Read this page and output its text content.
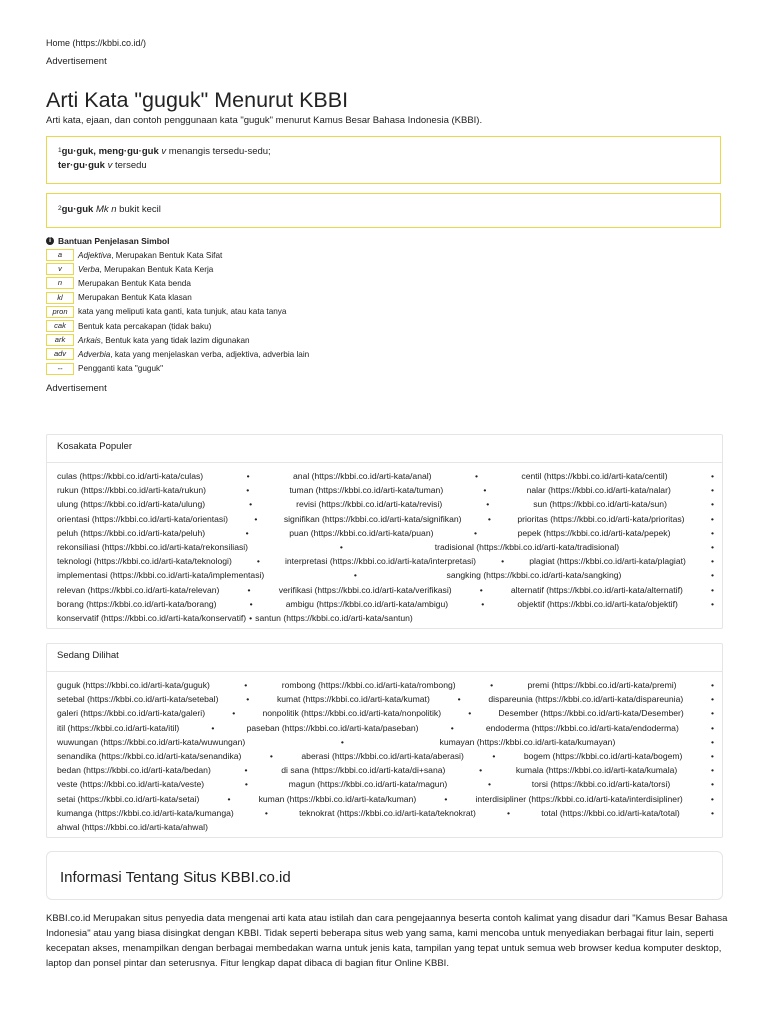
Home (https://kbbi.co.id/)
Advertisement
Arti Kata "guguk" Menurut KBBI
Arti kata, ejaan, dan contoh penggunaan kata "guguk" menurut Kamus Besar Bahasa Indonesia (KBBI).
$^1$gu·guk, meng·gu·guk v menangis tersedu-sedu;
ter·gu·guk v tersedu
$^2$gu·guk Mk n bukit kecil
i Bantuan Penjelasan Simbol
a	Adjektiva, Merupakan Bentuk Kata Sifat
v	Verba, Merupakan Bentuk Kata Kerja
n	Merupakan Bentuk Kata benda
kl	Merupakan Bentuk Kata klasan
pron	kata yang meliputi kata ganti, kata tunjuk, atau kata tanya
cak	Bentuk kata percakapan (tidak baku)
ark	Arkais, Bentuk kata yang tidak lazim digunakan
adv	Adverbia, kata yang menjelaskan verba, adjektiva, adverbia lain
--	Pengganti kata "guguk"
Advertisement
Kosakata Populer
culas (https://kbbi.co.id/arti-kata/culas)	•	anal (https://kbbi.co.id/arti-kata/anal)	•	centil (https://kbbi.co.id/arti-kata/centil)	•
rukun (https://kbbi.co.id/arti-kata/rukun)	•	tuman (https://kbbi.co.id/arti-kata/tuman)	•	nalar (https://kbbi.co.id/arti-kata/nalar)	•
ulung (https://kbbi.co.id/arti-kata/ulung)	•	revisi (https://kbbi.co.id/arti-kata/revisi)	•	sun (https://kbbi.co.id/arti-kata/sun)	•
orientasi (https://kbbi.co.id/arti-kata/orientasi)	•	signifikan (https://kbbi.co.id/arti-kata/signifikan)	•	prioritas (https://kbbi.co.id/arti-kata/prioritas)	•
peluh (https://kbbi.co.id/arti-kata/peluh)	•	puan (https://kbbi.co.id/arti-kata/puan)	•	pepek (https://kbbi.co.id/arti-kata/pepek)	•
rekonsiliasi (https://kbbi.co.id/arti-kata/rekonsiliasi)	•	tradisional (https://kbbi.co.id/arti-kata/tradisional)	•
teknologi (https://kbbi.co.id/arti-kata/teknologi)	•	interpretasi (https://kbbi.co.id/arti-kata/interpretasi)	•	plagiat (https://kbbi.co.id/arti-kata/plagiat)	•
implementasi (https://kbbi.co.id/arti-kata/implementasi)	•	sangking (https://kbbi.co.id/arti-kata/sangking)	•
relevan (https://kbbi.co.id/arti-kata/relevan)	•	verifikasi (https://kbbi.co.id/arti-kata/verifikasi)	•	alternatif (https://kbbi.co.id/arti-kata/alternatif)	•
borang (https://kbbi.co.id/arti-kata/borang)	•	ambigu (https://kbbi.co.id/arti-kata/ambigu)	•	objektif (https://kbbi.co.id/arti-kata/objektif)	•
konservatif (https://kbbi.co.id/arti-kata/konservatif) • santun (https://kbbi.co.id/arti-kata/santun)
Sedang Dilihat
guguk (https://kbbi.co.id/arti-kata/guguk)	•	rombong (https://kbbi.co.id/arti-kata/rombong)	•	premi (https://kbbi.co.id/arti-kata/premi)	•
setebal (https://kbbi.co.id/arti-kata/setebal)	•	kumat (https://kbbi.co.id/arti-kata/kumat)	•	dispareunia (https://kbbi.co.id/arti-kata/dispareunia)	•
galeri (https://kbbi.co.id/arti-kata/galeri)	•	nonpolitik (https://kbbi.co.id/arti-kata/nonpolitik)	•	Desember (https://kbbi.co.id/arti-kata/Desember)	•
itil (https://kbbi.co.id/arti-kata/itil)	•	paseban (https://kbbi.co.id/arti-kata/paseban)	•	endoderma (https://kbbi.co.id/arti-kata/endoderma)	•
wuwungan (https://kbbi.co.id/arti-kata/wuwungan)	•	kumayan (https://kbbi.co.id/arti-kata/kumayan)	•
senandika (https://kbbi.co.id/arti-kata/senandika)	•	aberasi (https://kbbi.co.id/arti-kata/aberasi)	•	bogem (https://kbbi.co.id/arti-kata/bogem)	•
bedan (https://kbbi.co.id/arti-kata/bedan)	•	di sana (https://kbbi.co.id/arti-kata/di+sana)	•	kumala (https://kbbi.co.id/arti-kata/kumala)	•
veste (https://kbbi.co.id/arti-kata/veste)	•	magun (https://kbbi.co.id/arti-kata/magun)	•	torsi (https://kbbi.co.id/arti-kata/torsi)	•
setai (https://kbbi.co.id/arti-kata/setai)	•	kuman (https://kbbi.co.id/arti-kata/kuman)	•	interdisipliner (https://kbbi.co.id/arti-kata/interdisipliner)	•
kumanga (https://kbbi.co.id/arti-kata/kumanga)	•	teknokrat (https://kbbi.co.id/arti-kata/teknokrat)	•	total (https://kbbi.co.id/arti-kata/total)	•
ahwal (https://kbbi.co.id/arti-kata/ahwal)
Informasi Tentang Situs KBBI.co.id
KBBI.co.id Merupakan situs penyedia data mengenai arti kata atau istilah dan cara pengejaannya beserta contoh kalimat yang disadur dari "Kamus Besar Bahasa Indonesia" atau yang biasa disingkat dengan KBBI. Tidak seperti beberapa situs web yang sama, kami mencoba untuk menyediakan berbagai fitur lain, seperti kecepatan akses, menampilkan dengan berbagai membedakan warna untuk jenis kata, tampilan yang tepat untuk semua web browser kedua komputer desktop, laptop dan ponsel pintar dan seterusnya. Fitur lengkap dapat dibaca di bagian fitur Online KBBI.
